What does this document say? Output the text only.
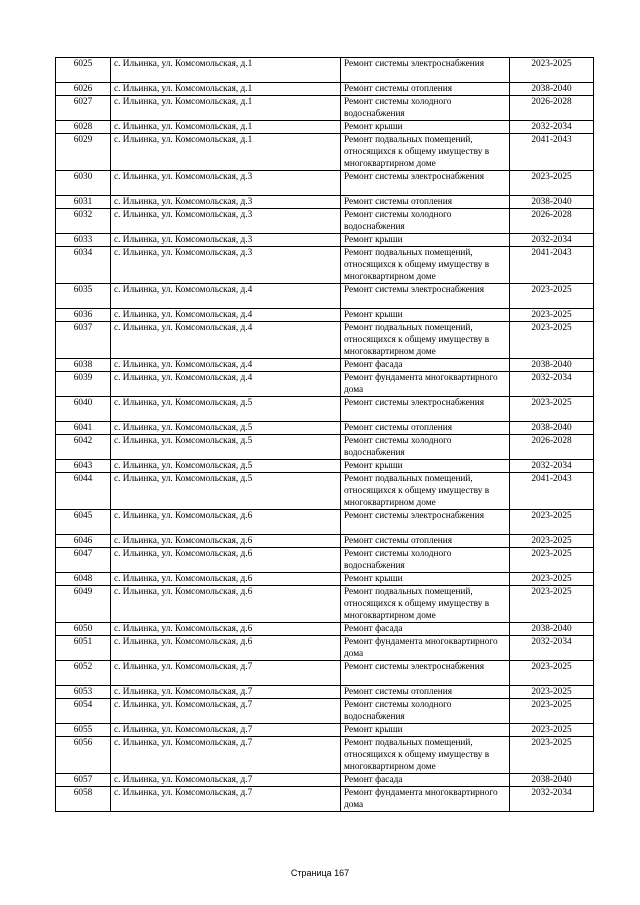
6025	с. Ильинка, ул. Комсомольская, д.1	Ремонт системы электроснабжения	2023-2025
6026	с. Ильинка, ул. Комсомольская, д.1	Ремонт системы отопления	2038-2040
6027	с. Ильинка, ул. Комсомольская, д.1	Ремонт системы холодного водоснабжения	2026-2028
6028	с. Ильинка, ул. Комсомольская, д.1	Ремонт крыши	2032-2034
6029	с. Ильинка, ул. Комсомольская, д.1	Ремонт подвальных помещений, относящихся к общему имуществу в многоквартирном доме	2041-2043
6030	с. Ильинка, ул. Комсомольская, д.3	Ремонт системы электроснабжения	2023-2025
6031	с. Ильинка, ул. Комсомольская, д.3	Ремонт системы отопления	2038-2040
6032	с. Ильинка, ул. Комсомольская, д.3	Ремонт системы холодного водоснабжения	2026-2028
6033	с. Ильинка, ул. Комсомольская, д.3	Ремонт крыши	2032-2034
6034	с. Ильинка, ул. Комсомольская, д.3	Ремонт подвальных помещений, относящихся к общему имуществу в многоквартирном доме	2041-2043
6035	с. Ильинка, ул. Комсомольская, д.4	Ремонт системы электроснабжения	2023-2025
6036	с. Ильинка, ул. Комсомольская, д.4	Ремонт крыши	2023-2025
6037	с. Ильинка, ул. Комсомольская, д.4	Ремонт подвальных помещений, относящихся к общему имуществу в многоквартирном доме	2023-2025
6038	с. Ильинка, ул. Комсомольская, д.4	Ремонт фасада	2038-2040
6039	с. Ильинка, ул. Комсомольская, д.4	Ремонт фундамента многоквартирного дома	2032-2034
6040	с. Ильинка, ул. Комсомольская, д.5	Ремонт системы электроснабжения	2023-2025
6041	с. Ильинка, ул. Комсомольская, д.5	Ремонт системы отопления	2038-2040
6042	с. Ильинка, ул. Комсомольская, д.5	Ремонт системы холодного водоснабжения	2026-2028
6043	с. Ильинка, ул. Комсомольская, д.5	Ремонт крыши	2032-2034
6044	с. Ильинка, ул. Комсомольская, д.5	Ремонт подвальных помещений, относящихся к общему имуществу в многоквартирном доме	2041-2043
6045	с. Ильинка, ул. Комсомольская, д.6	Ремонт системы электроснабжения	2023-2025
6046	с. Ильинка, ул. Комсомольская, д.6	Ремонт системы отопления	2023-2025
6047	с. Ильинка, ул. Комсомольская, д.6	Ремонт системы холодного водоснабжения	2023-2025
6048	с. Ильинка, ул. Комсомольская, д.6	Ремонт крыши	2023-2025
6049	с. Ильинка, ул. Комсомольская, д.6	Ремонт подвальных помещений, относящихся к общему имуществу в многоквартирном доме	2023-2025
6050	с. Ильинка, ул. Комсомольская, д.6	Ремонт фасада	2038-2040
6051	с. Ильинка, ул. Комсомольская, д.6	Ремонт фундамента многоквартирного дома	2032-2034
6052	с. Ильинка, ул. Комсомольская, д.7	Ремонт системы электроснабжения	2023-2025
6053	с. Ильинка, ул. Комсомольская, д.7	Ремонт системы отопления	2023-2025
6054	с. Ильинка, ул. Комсомольская, д.7	Ремонт системы холодного водоснабжения	2023-2025
6055	с. Ильинка, ул. Комсомольская, д.7	Ремонт крыши	2023-2025
6056	с. Ильинка, ул. Комсомольская, д.7	Ремонт подвальных помещений, относящихся к общему имуществу в многоквартирном доме	2023-2025
6057	с. Ильинка, ул. Комсомольская, д.7	Ремонт фасада	2038-2040
6058	с. Ильинка, ул. Комсомольская, д.7	Ремонт фундамента многоквартирного дома	2032-2034
Страница 167
